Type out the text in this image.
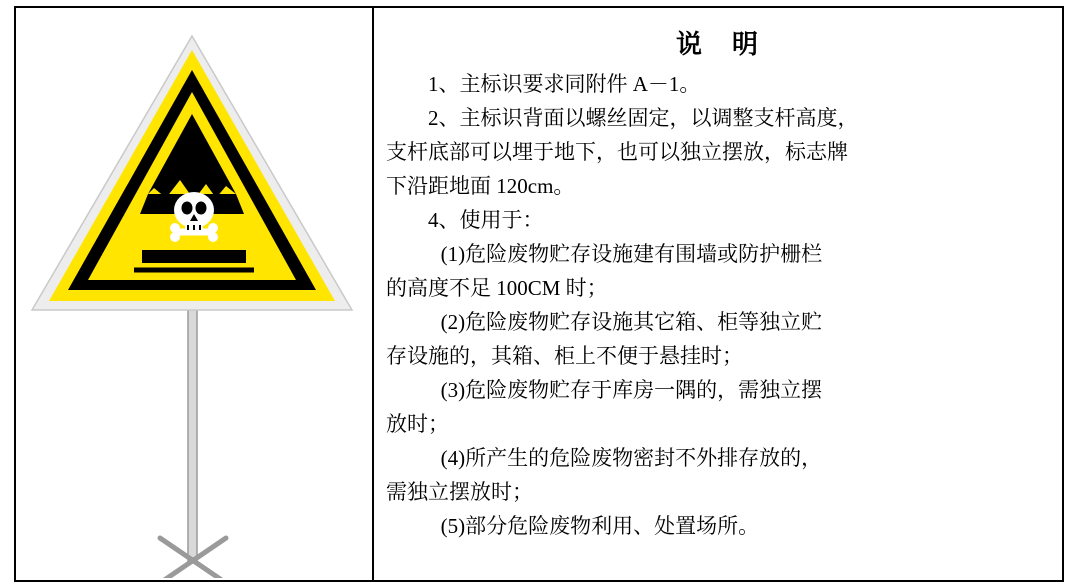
说 明

1、主标识要求同附件 A－1。

2、主标识背面以螺丝固定，以调整支杆高度，

支杆底部可以埋于地下，也可以独立摆放，标志牌

下沿距地面 120cm。

4、使用于：

(1)危险废物贮存设施建有围墙或防护栅栏

的高度不足 100CM 时；

(2)危险废物贮存设施其它箱、柜等独立贮

存设施的，其箱、柜上不便于悬挂时；

(3)危险废物贮存于库房一隅的，需独立摆

放时；

(4)所产生的危险废物密封不外排存放的，

需独立摆放时；

(5)部分危险废物利用、处置场所。
